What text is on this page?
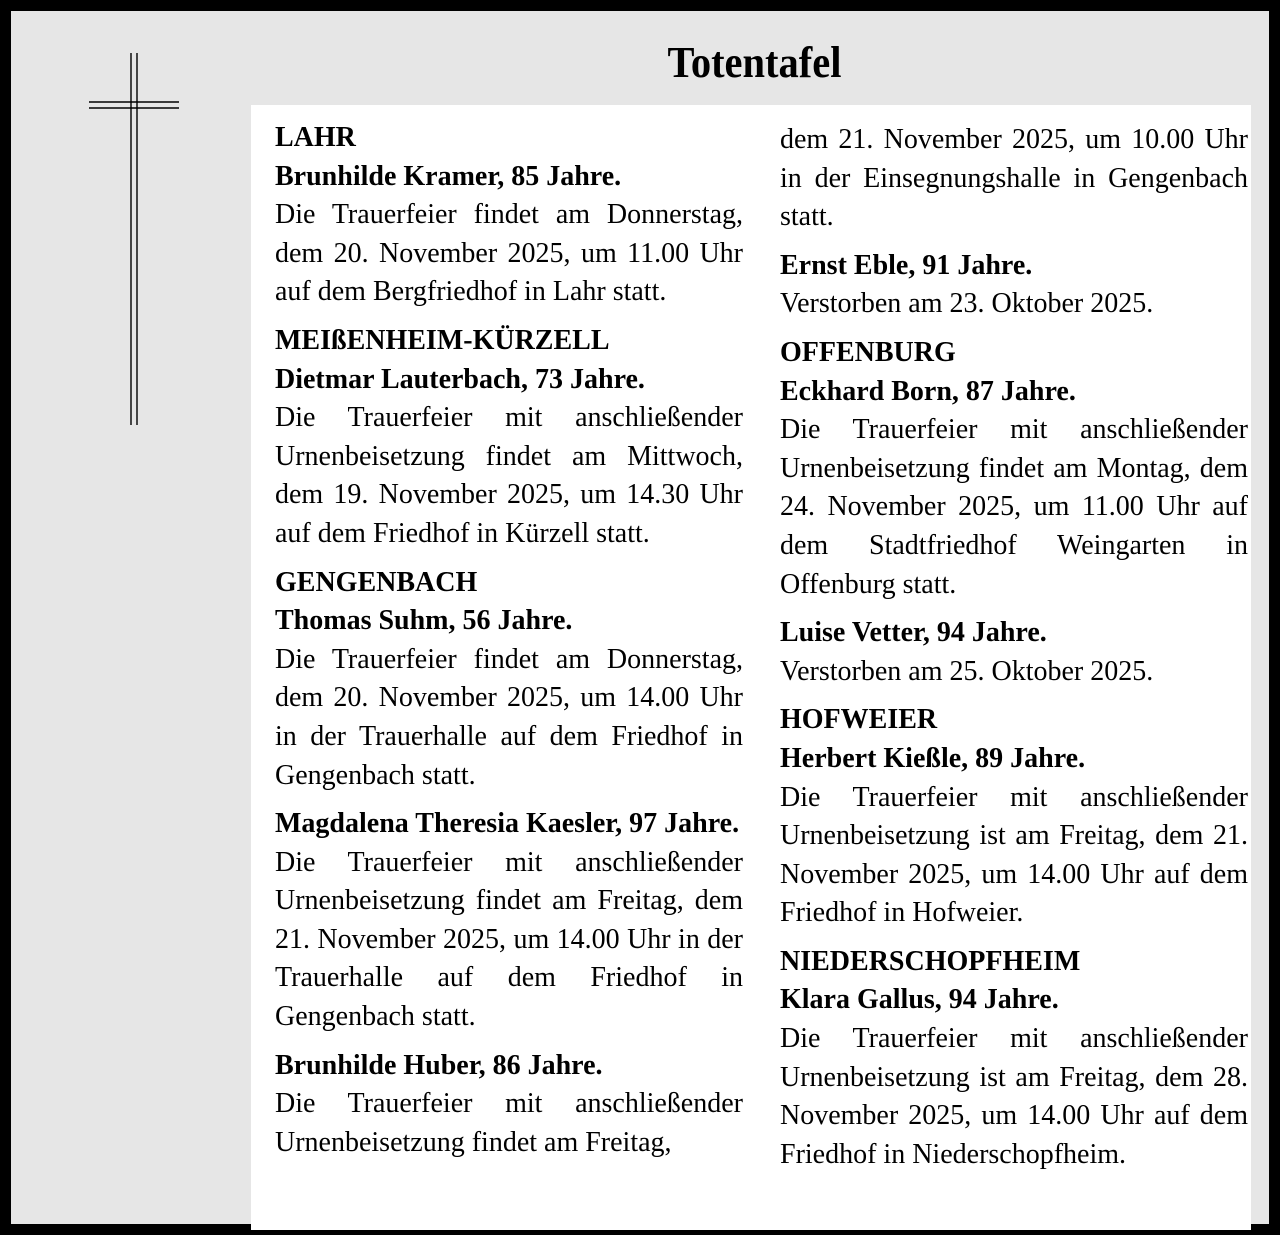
Totentafel

LAHR

Brunhilde Kramer, 85 Jahre.

Die Trauerfeier findet am Donnerstag, dem 20. November 2025, um 11.00 Uhr auf dem Bergfriedhof in Lahr statt.

MEIßENHEIM-KÜRZELL

Dietmar Lauterbach, 73 Jahre.

Die Trauerfeier mit anschließender Urnenbeisetzung findet am Mittwoch, dem 19. November 2025, um 14.30 Uhr auf dem Friedhof in Kürzell statt.

GENGENBACH

Thomas Suhm, 56 Jahre.

Die Trauerfeier findet am Donnerstag, dem 20. November 2025, um 14.00 Uhr in der Trauerhalle auf dem Friedhof in Gengenbach statt.

Magdalena Theresia Kaesler, 97 Jahre.

Die Trauerfeier mit anschließender Urnenbeisetzung findet am Freitag, dem 21. November 2025, um 14.00 Uhr in der Trauerhalle auf dem Friedhof in Gengenbach statt.

Brunhilde Huber, 86 Jahre.

Die Trauerfeier mit anschließender Urnenbeisetzung findet am Freitag,

dem 21. November 2025, um 10.00 Uhr in der Einsegnungshalle in Gengenbach statt.

Ernst Eble, 91 Jahre.

Verstorben am 23. Oktober 2025.

OFFENBURG

Eckhard Born, 87 Jahre.

Die Trauerfeier mit anschließender Urnenbeisetzung findet am Montag, dem 24. November 2025, um 11.00 Uhr auf dem Stadtfriedhof Weingarten in Offenburg statt.

Luise Vetter, 94 Jahre.

Verstorben am 25. Oktober 2025.

HOFWEIER

Herbert Kießle, 89 Jahre.

Die Trauerfeier mit anschließender Urnenbeisetzung ist am Freitag, dem 21. November 2025, um 14.00 Uhr auf dem Friedhof in Hofweier.

NIEDERSCHOPFHEIM

Klara Gallus, 94 Jahre.

Die Trauerfeier mit anschließender Urnenbeisetzung ist am Freitag, dem 28. November 2025, um 14.00 Uhr auf dem Friedhof in Niederschopfheim.
